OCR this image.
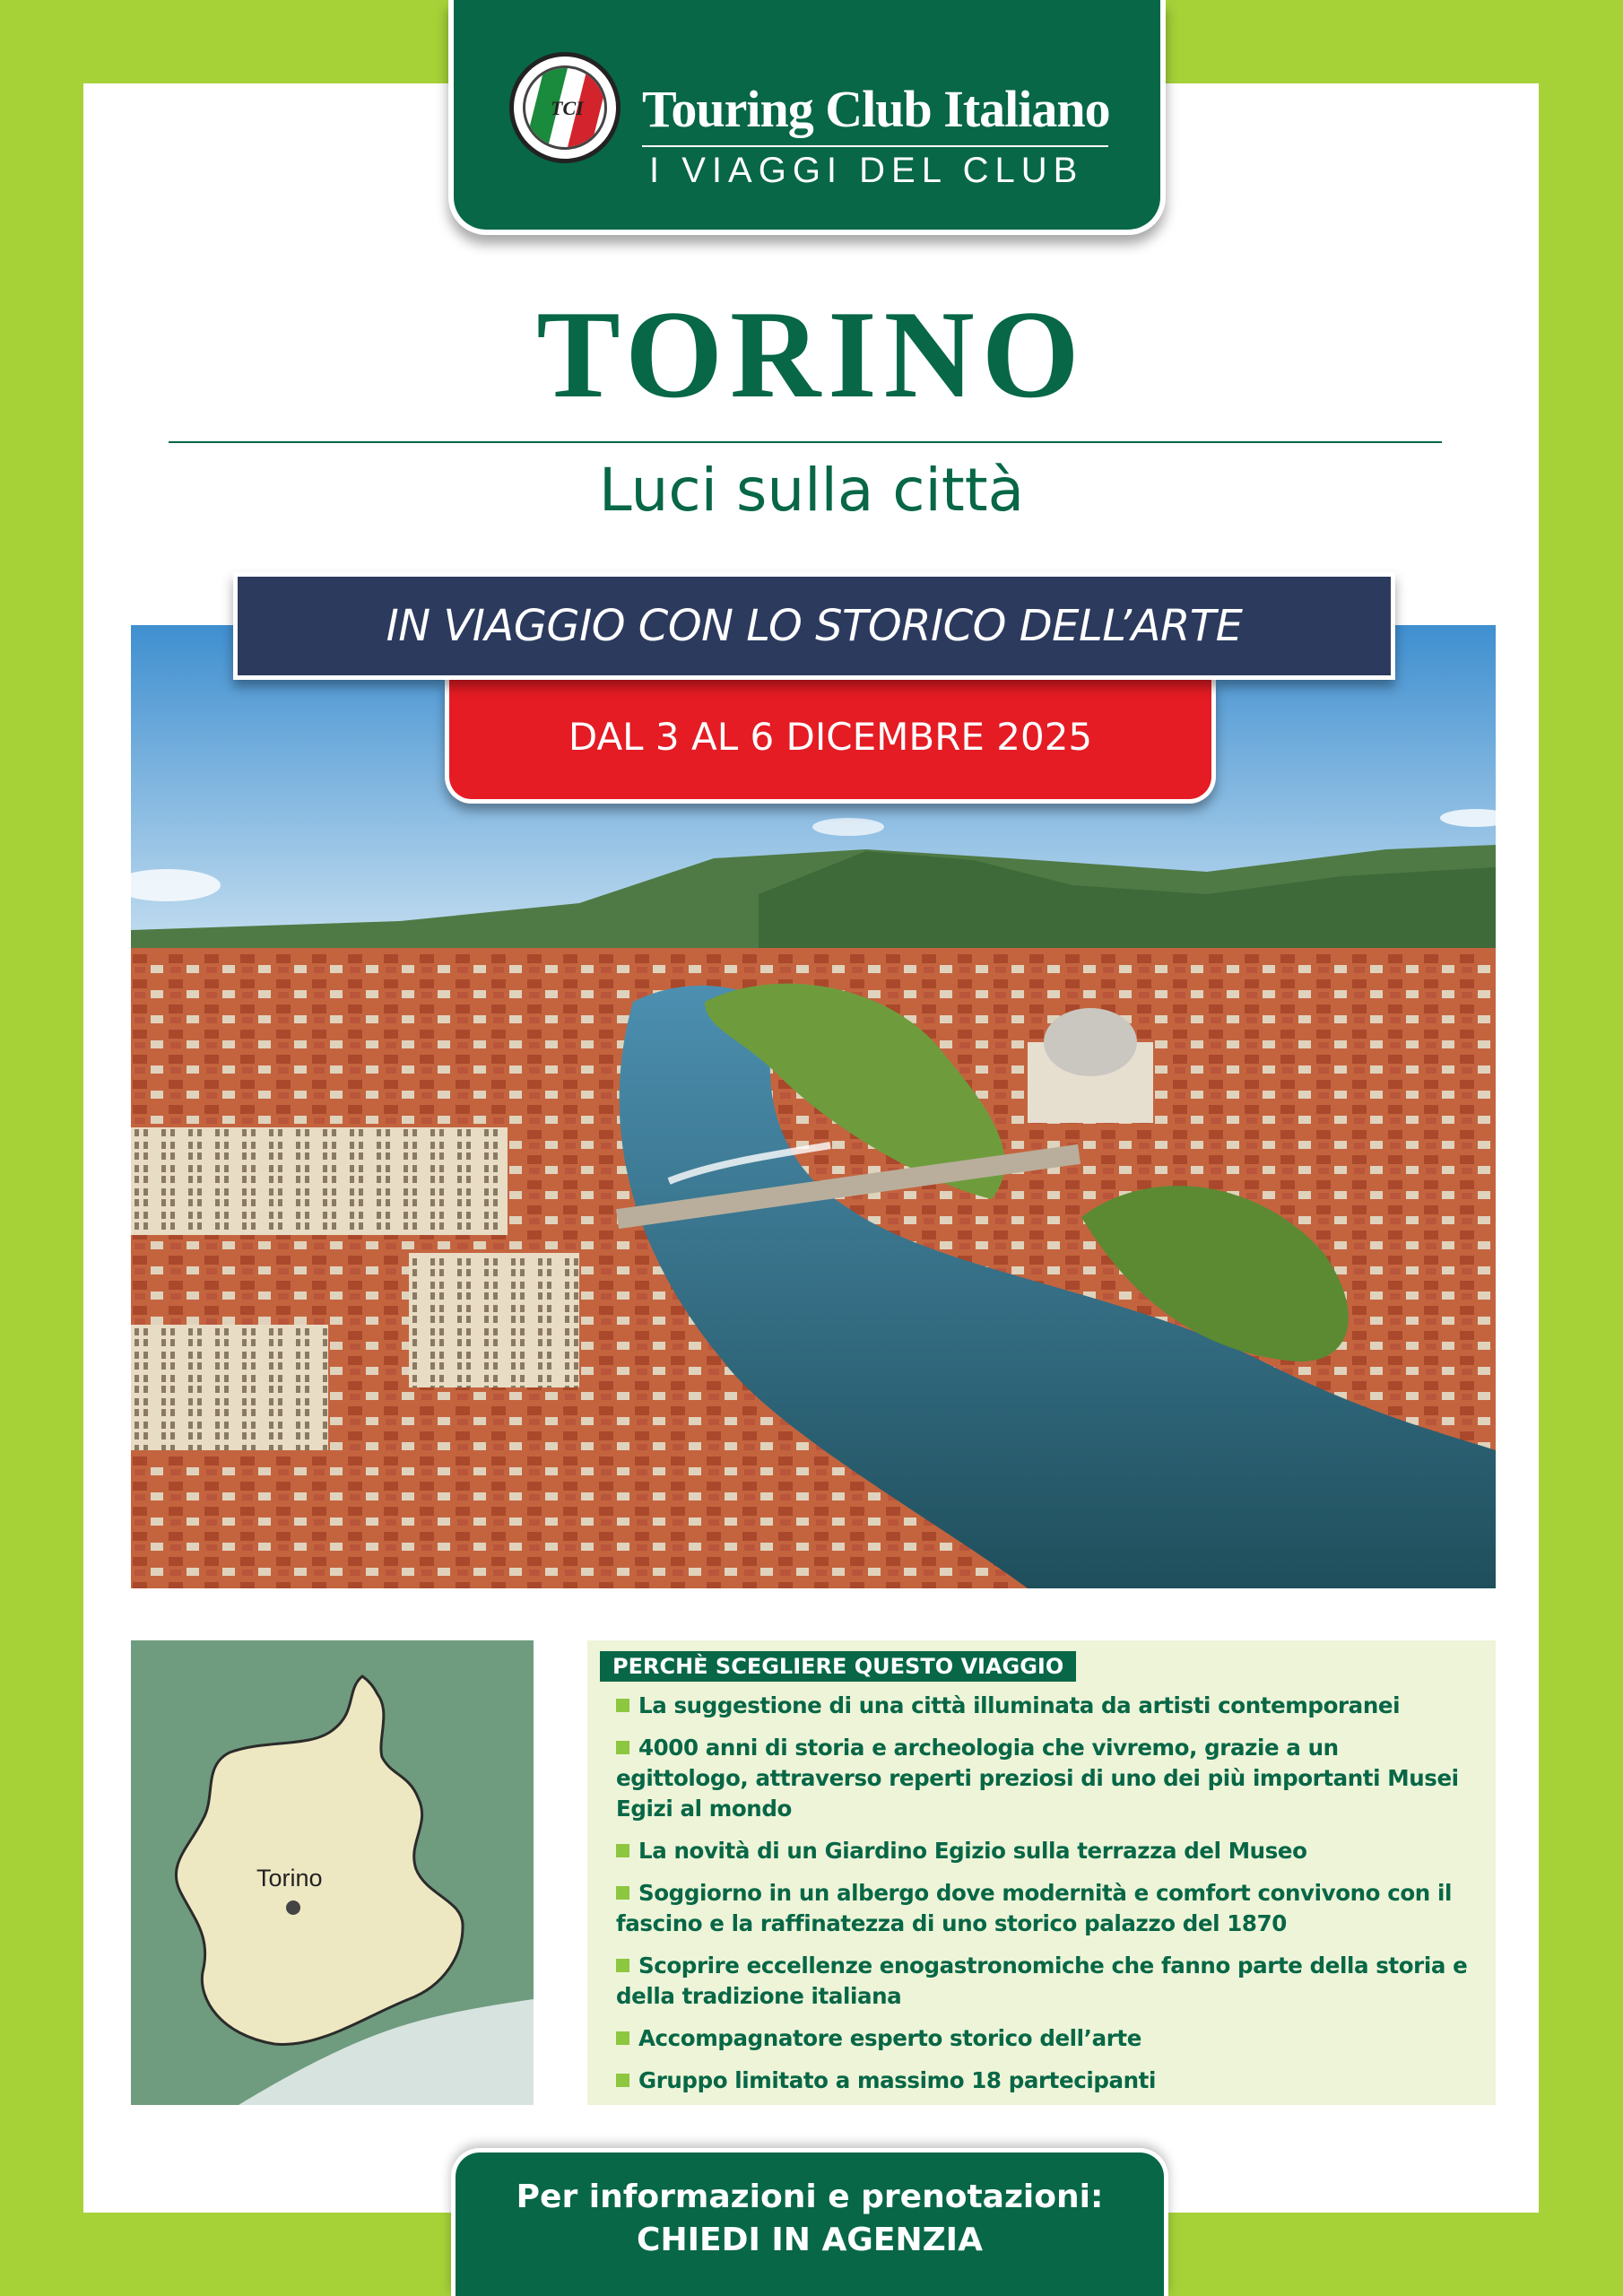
TCI Touring Club Italiano
I VIAGGI DEL CLUB
TORINO
Luci sulla città
IN VIAGGIO CON LO STORICO DELL’ARTE
DAL 3 AL 6 DICEMBRE 2025
Torino
PERCHÈ SCEGLIERE QUESTO VIAGGIO
La suggestione di una città illuminata da artisti contemporanei
4000 anni di storia e archeologia che vivremo, grazie a un egittologo, attraverso reperti preziosi di uno dei più importanti Musei Egizi al mondo
La novità di un Giardino Egizio sulla terrazza del Museo
Soggiorno in un albergo dove modernità e comfort convivono con il fascino e la raffinatezza di uno storico palazzo del 1870
Scoprire eccellenze enogastronomiche che fanno parte della storia e della tradizione italiana
Accompagnatore esperto storico dell’arte
Gruppo limitato a massimo 18 partecipanti
Per informazioni e prenotazioni:
CHIEDI IN AGENZIA
